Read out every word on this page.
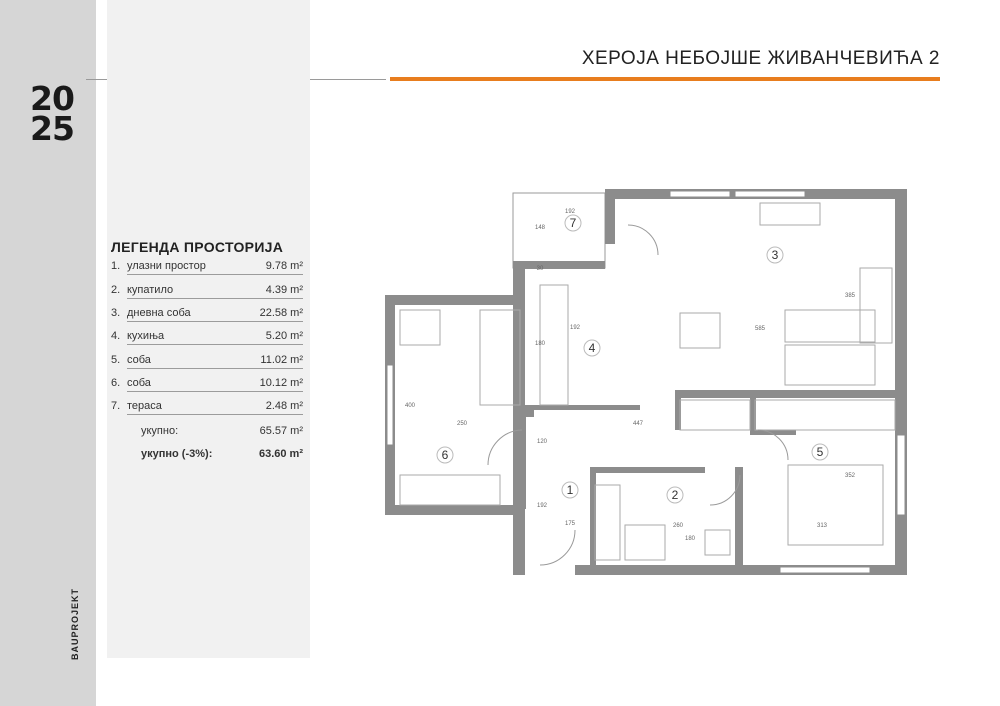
20
25
BAUPROJEKT
ЛЕГЕНДА ПРОСТОРИЈА
1. улазни простор	9.78 m²
2. купатило	4.39 m²
3. дневна соба	22.58 m²
4. кухиња	5.20 m²
5. соба	11.02 m²
6. соба	10.12 m²
7. тераса	2.48 m²
укупно:	65.57 m²
укупно (-3%):	63.60 m²
ХЕРОЈА НЕБОЈШЕ ЖИВАНЧЕВИЋА 2
7
3
4
5
6
1	2
192
148
30
192
180
585
385
447
250
400
120
192
175	260
180
313
352
